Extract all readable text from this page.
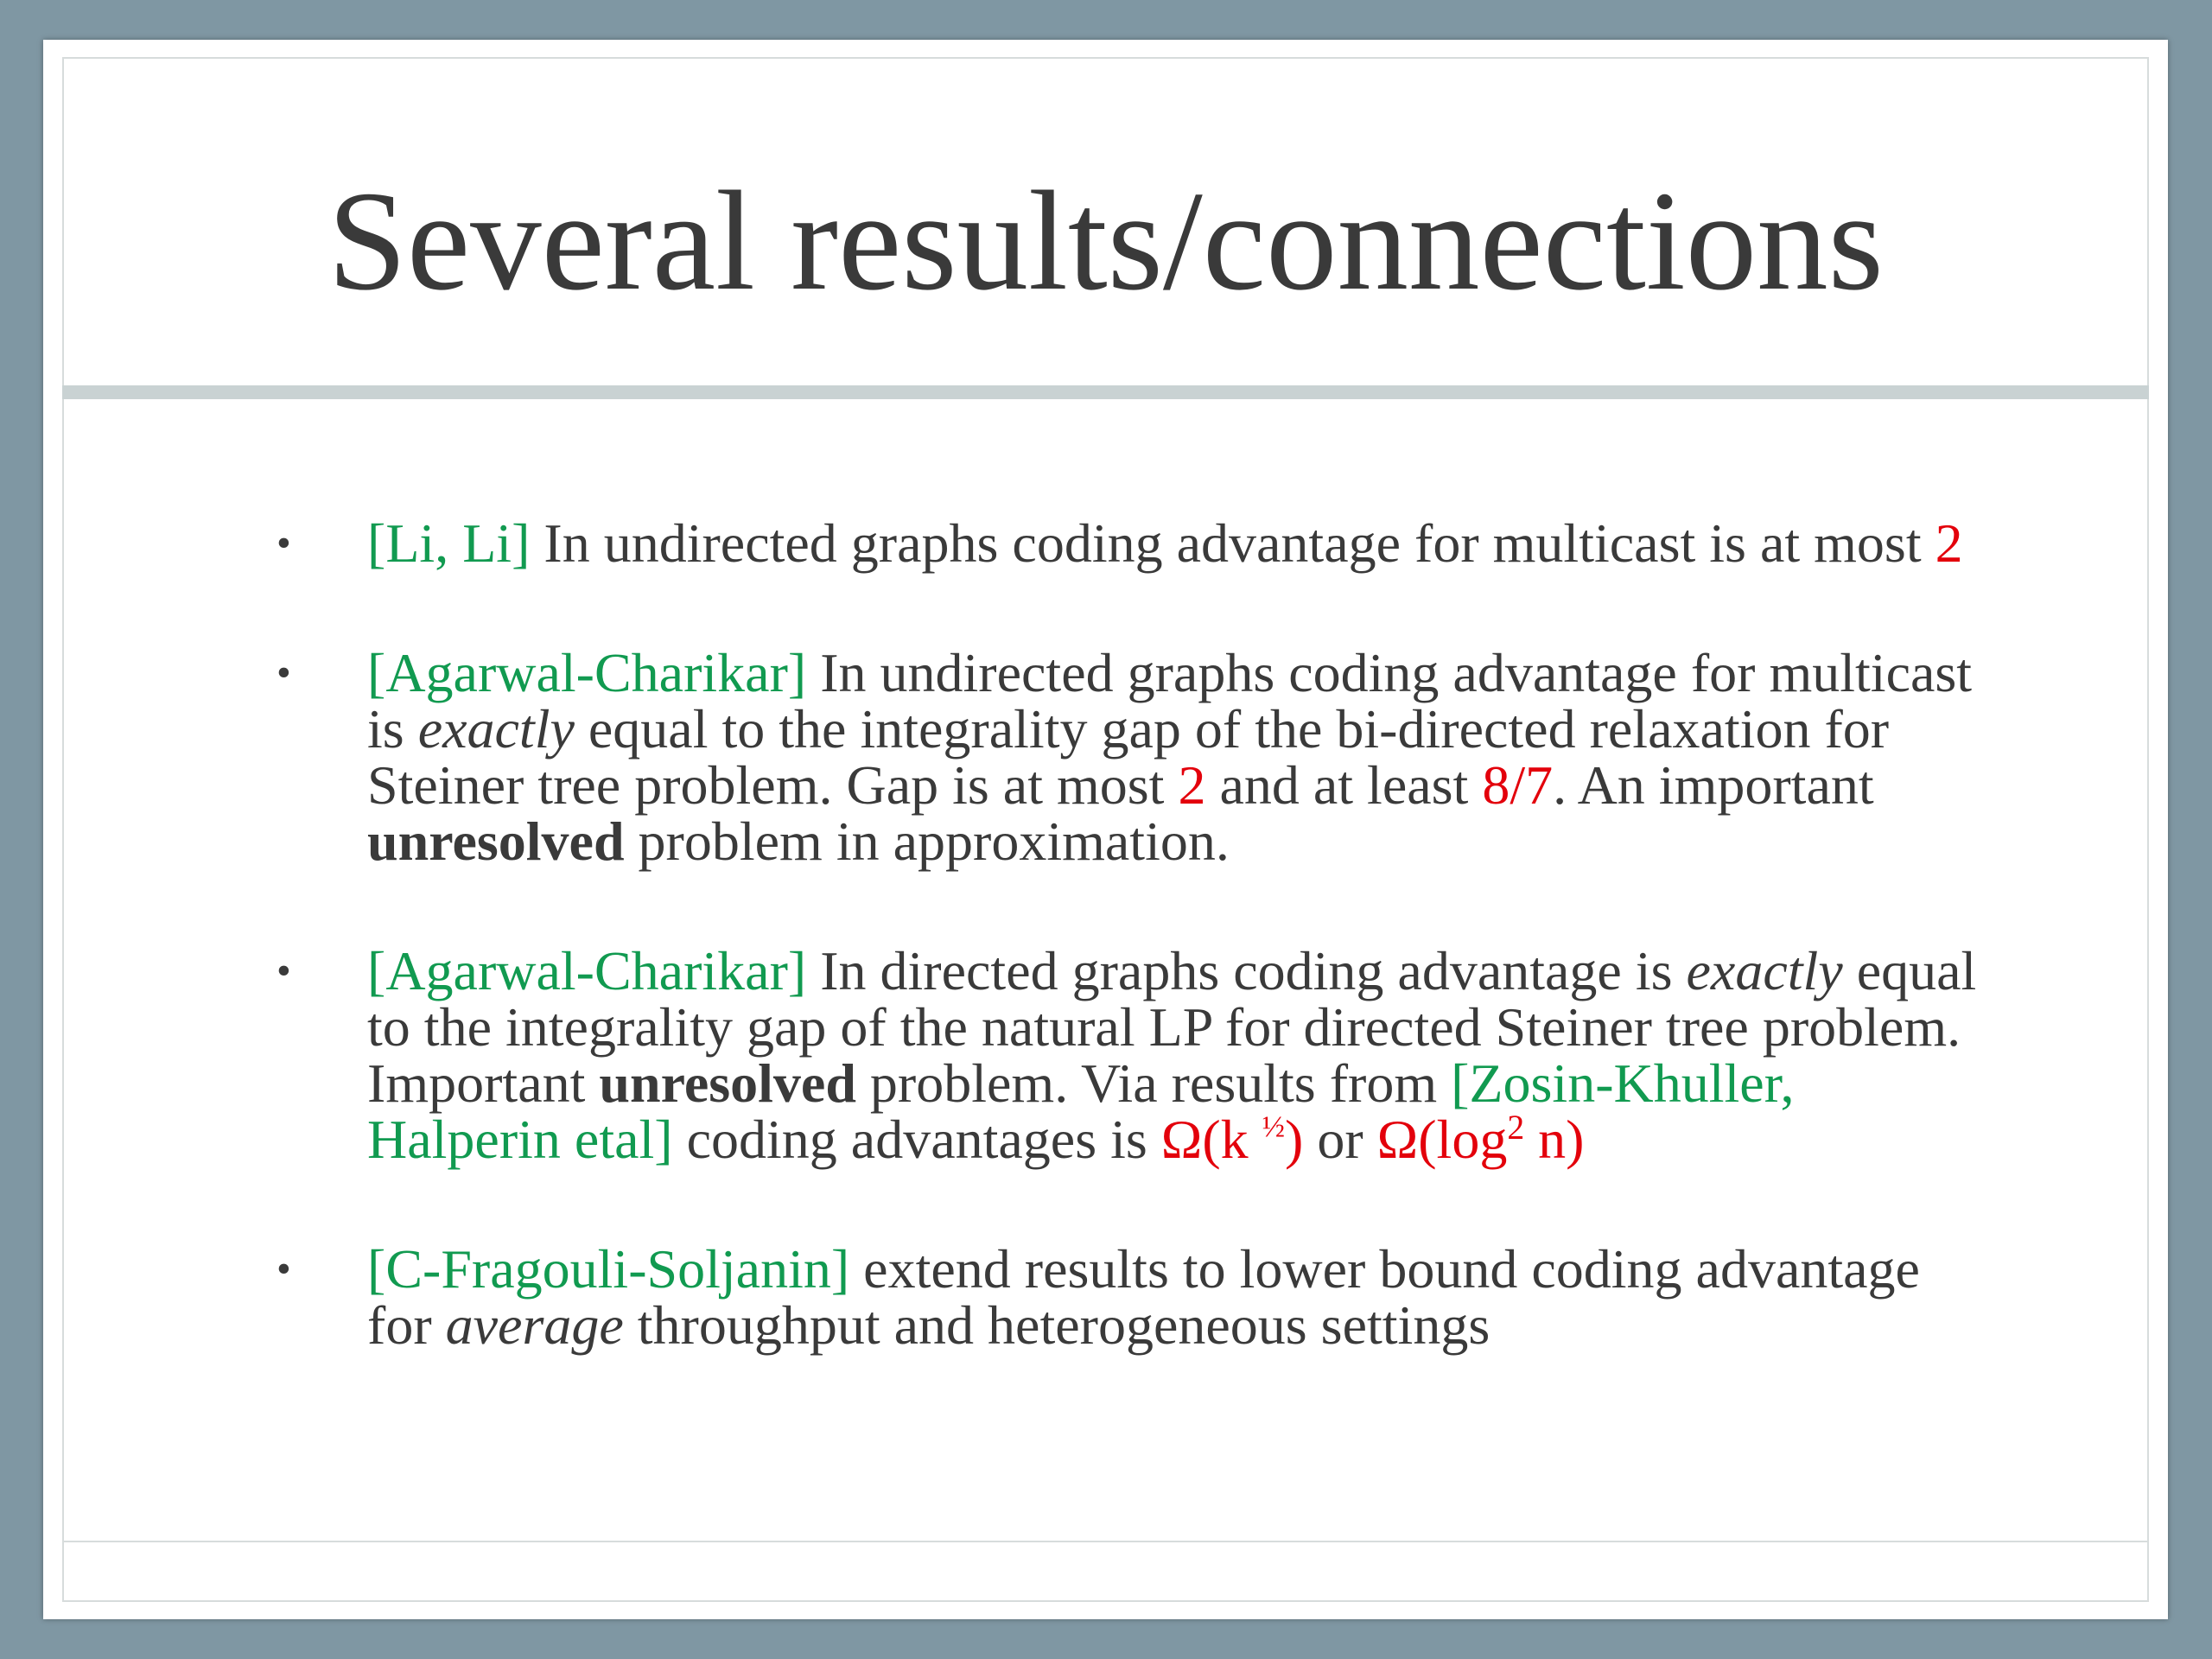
Several results/connections
• [Li, Li] In undirected graphs coding advantage for multicast is at most 2
• [Agarwal-Charikar] In undirected graphs coding advantage for multicast is exactly equal to the integrality gap of the bi-directed relaxation for Steiner tree problem. Gap is at most 2 and at least 8/7. An important unresolved problem in approximation.
• [Agarwal-Charikar] In directed graphs coding advantage is exactly equal to the integrality gap of the natural LP for directed Steiner tree problem. Important unresolved problem. Via results from [Zosin-Khuller, Halperin etal] coding advantages is Ω(k $^{\frac{1}{2}}$) or $\Omega(\log^2$ n)
• [C-Fragouli-Soljanin] extend results to lower bound coding advantage for average throughput and heterogeneous settings
